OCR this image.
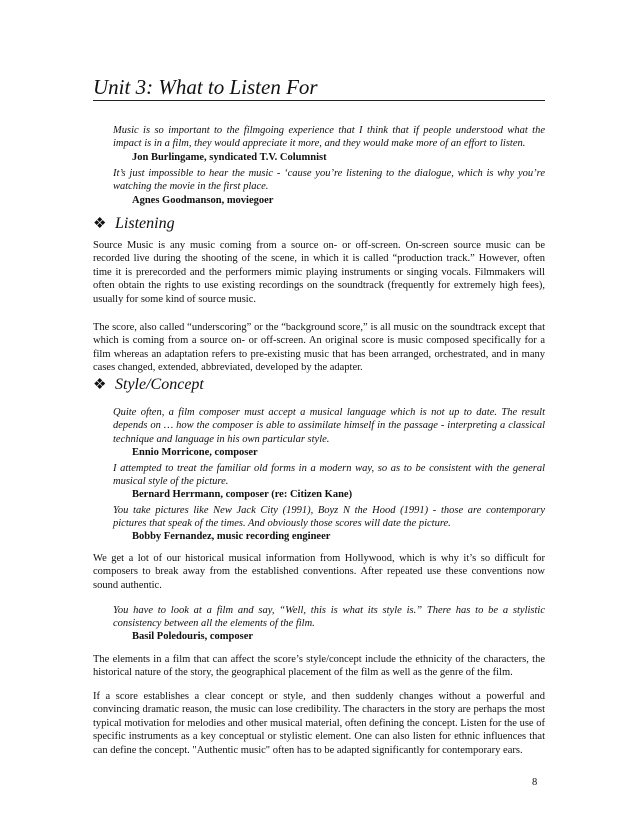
Unit 3: What to Listen For
Music is so important to the filmgoing experience that I think that if people understood what the impact is in a film, they would appreciate it more, and they would make more of an effort to listen.
Jon Burlingame, syndicated T.V. Columnist
It’s just impossible to hear the music - ‘cause you’re listening to the dialogue, which is why you’re watching the movie in the first place.
Agnes Goodmanson, moviegoer
❖ Listening
Source Music is any music coming from a source on- or off-screen. On-screen source music can be recorded live during the shooting of the scene, in which it is called “production track.” However, often time it is prerecorded and the performers mimic playing instruments or singing vocals. Filmmakers will often obtain the rights to use existing recordings on the soundtrack (frequently for extremely high fees), usually for some kind of source music.
The score, also called “underscoring” or the “background score,” is all music on the soundtrack except that which is coming from a source on- or off-screen. An original score is music composed specifically for a film whereas an adaptation refers to pre-existing music that has been arranged, orchestrated, and in many cases changed, extended, abbreviated, developed by the adapter.
❖ Style/Concept
Quite often, a film composer must accept a musical language which is not up to date. The result depends on … how the composer is able to assimilate himself in the passage - interpreting a classical technique and language in his own particular style.
Ennio Morricone, composer
I attempted to treat the familiar old forms in a modern way, so as to be consistent with the general musical style of the picture.
Bernard Herrmann, composer (re: Citizen Kane)
You take pictures like New Jack City (1991), Boyz N the Hood (1991) - those are contemporary pictures that speak of the times. And obviously those scores will date the picture.
Bobby Fernandez, music recording engineer
We get a lot of our historical musical information from Hollywood, which is why it’s so difficult for composers to break away from the established conventions. After repeated use these conventions now sound authentic.
You have to look at a film and say, “Well, this is what its style is.” There has to be a stylistic consistency between all the elements of the film.
Basil Poledouris, composer
The elements in a film that can affect the score’s style/concept include the ethnicity of the characters, the historical nature of the story, the geographical placement of the film as well as the genre of the film.
If a score establishes a clear concept or style, and then suddenly changes without a powerful and convincing dramatic reason, the music can lose credibility. The characters in the story are perhaps the most typical motivation for melodies and other musical material, often defining the concept. Listen for the use of specific instruments as a key conceptual or stylistic element. One can also listen for ethnic influences that can define the concept. "Authentic music" often has to be adapted significantly for contemporary ears.
8
